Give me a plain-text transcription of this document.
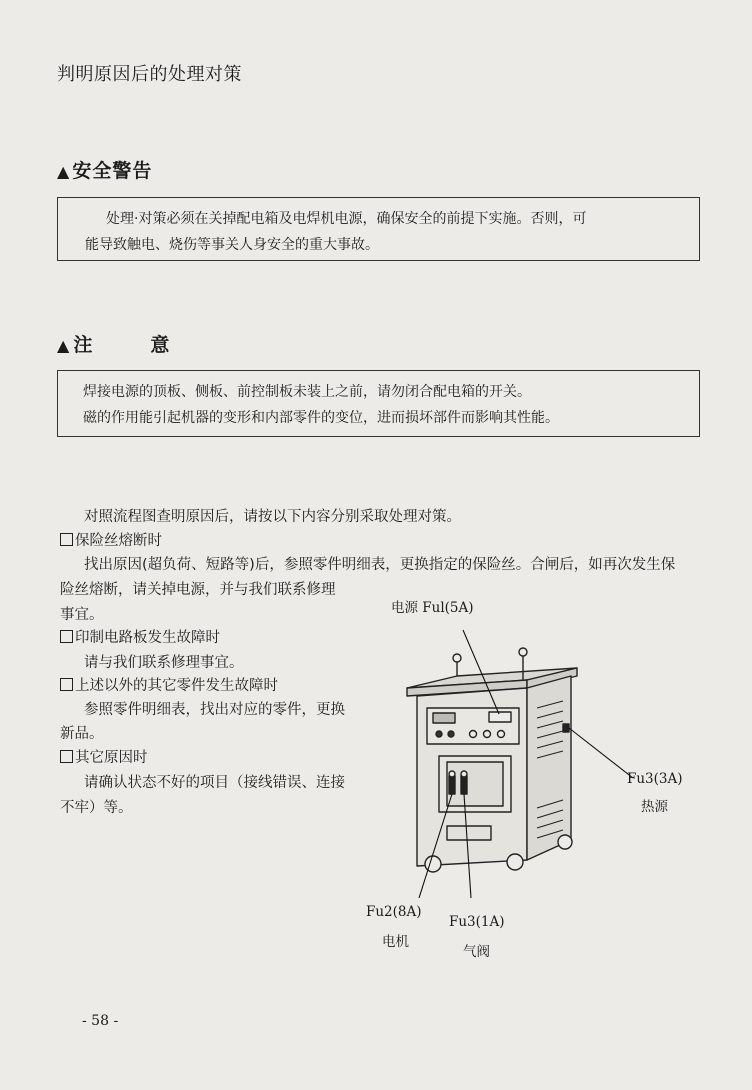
判明原因后的处理对策
▲ 安全警告

处理·对策必须在关掉配电箱及电焊机电源，确保安全的前提下实施。否则，可

能导致触电、烧伤等事关人身安全的重大事故。

▲ 注	意

焊接电源的顶板、侧板、前控制板未装上之前，请勿闭合配电箱的开关。

磁的作用能引起机器的变形和内部零件的变位，进而损坏部件而影响其性能。

对照流程图查明原因后，请按以下内容分别采取处理对策。
保险丝熔断时
找出原因(超负荷、短路等)后，参照零件明细表，更换指定的保险丝。合闸后，如再次发生保
险丝熔断，请关掉电源，并与我们联系修理
事宜。
印制电路板发生故障时
请与我们联系修理事宜。
上述以外的其它零件发生故障时
参照零件明细表，找出对应的零件，更换
新品。
其它原因时
请确认状态不好的项目（接线错误、连接
不牢）等。
电源 Ful(5A)
Fu3(3A)
热源
Fu2(8A)
电机
Fu3(1A)
气阀
- 58 -
